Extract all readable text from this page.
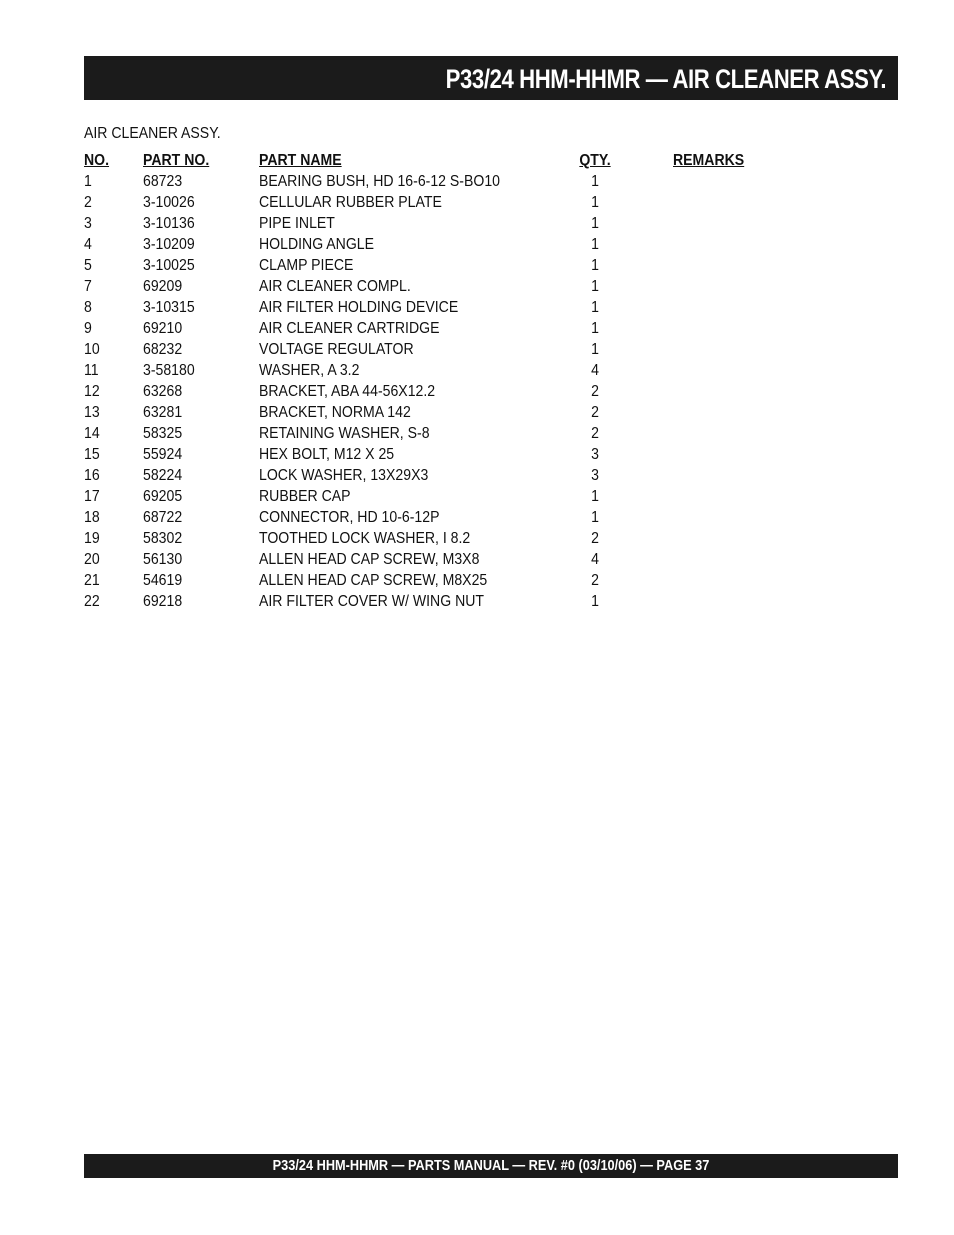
P33/24 HHM-HHMR — AIR CLEANER ASSY.
AIR CLEANER ASSY.
NO. PART NO.	PART NAME	QTY.	REMARKS
1	68723	BEARING BUSH, HD 16-6-12 S-BO10	1
2	3-10026	CELLULAR RUBBER PLATE	1
3	3-10136	PIPE INLET	1
4	3-10209	HOLDING ANGLE	1
5	3-10025	CLAMP PIECE	1
7	69209	AIR CLEANER COMPL.	1
8	3-10315	AIR FILTER HOLDING DEVICE	1
9	69210	AIR CLEANER CARTRIDGE	1
10	68232	VOLTAGE REGULATOR	1
11	3-58180	WASHER, A 3.2	4
12	63268	BRACKET, ABA 44-56X12.2	2
13	63281	BRACKET, NORMA 142	2
14	58325	RETAINING WASHER, S-8	2
15	55924	HEX BOLT, M12 X 25	3
16	58224	LOCK WASHER, 13X29X3	3
17	69205	RUBBER CAP	1
18	68722	CONNECTOR, HD 10-6-12P	1
19	58302	TOOTHED LOCK WASHER, I 8.2	2
20	56130	ALLEN HEAD CAP SCREW, M3X8	4
21	54619	ALLEN HEAD CAP SCREW, M8X25	2
22	69218	AIR FILTER COVER W/ WING NUT	1
P33/24 HHM-HHMR — PARTS MANUAL — REV. #0 (03/10/06) — PAGE 37
